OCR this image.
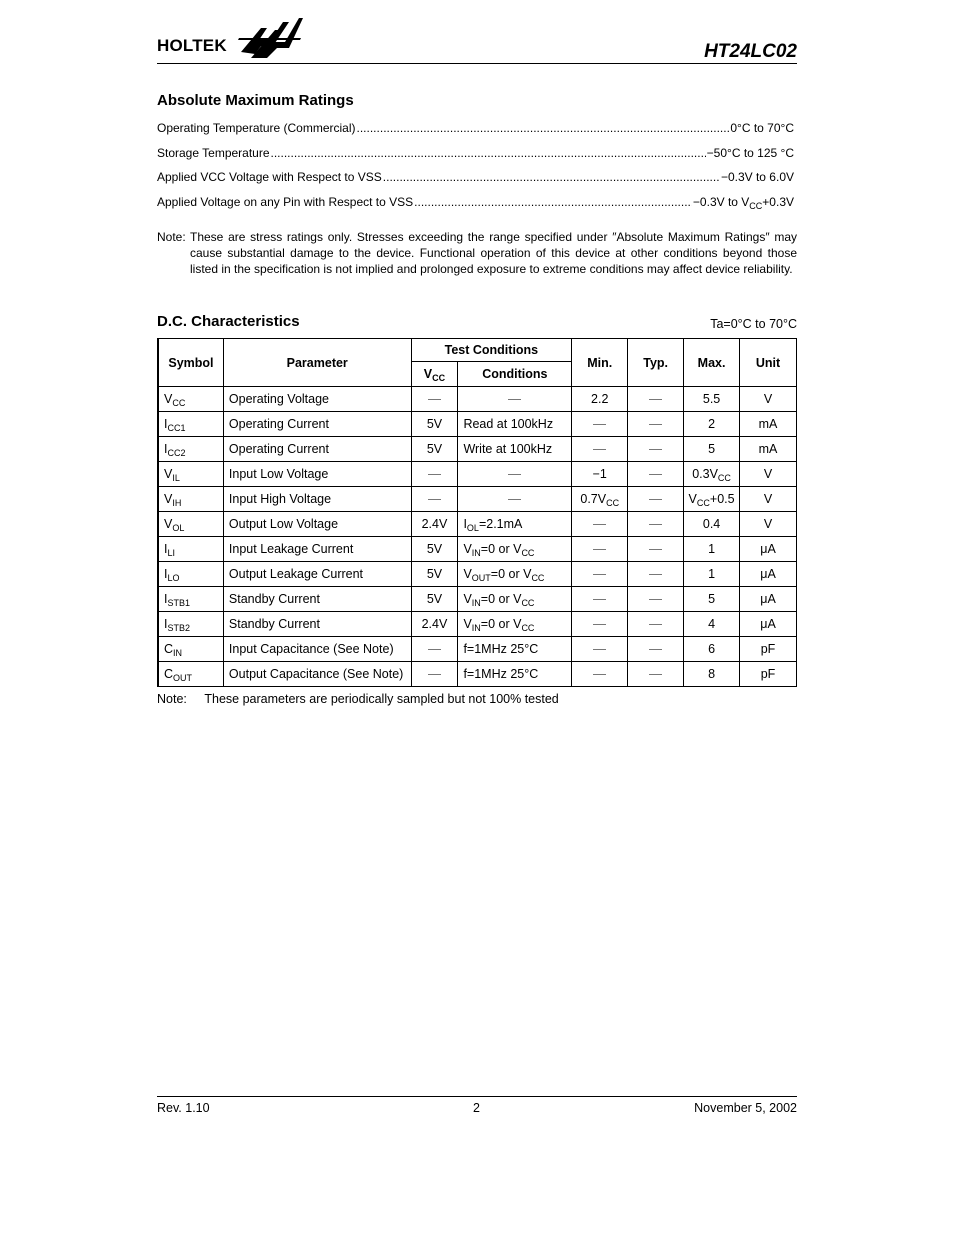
HOLTEK	HT24LC02
Absolute Maximum Ratings
Operating Temperature (Commercial) .....	0°C to 70°C
Storage Temperature .....	−50°C to 125 °C
Applied VCC Voltage with Respect to VSS .....	−0.3V to 6.0V
Applied Voltage on any Pin with Respect to VSS .....	−0.3V to $V_{CC}+0.3V$
Note: These are stress ratings only. Stresses exceeding the range specified under ″Absolute Maximum Ratings″ may cause substantial damage to the device. Functional operation of this device at other conditions beyond those listed in the specification is not implied and prolonged exposure to extreme conditions may affect device reliability.
D.C. Characteristics	Ta=0°C to 70°C
Symbol	Parameter	Test Conditions		Min.	Typ.	Max.	Unit
		$V_{CC}$	Conditions				
$V_{CC}$	Operating Voltage			2.2		5.5	V
$I_{CC1}$	Operating Current	5V	Read at 100kHz			2	mA
$I_{CC2}$	Operating Current	5V	Write at 100kHz			5	mA
$V_{IL}$	Input Low Voltage			−1		$0.3V_{CC}$	V
$V_{IH}$	Input High Voltage			$0.7V_{CC}$		$V_{CC}+0.5$	V
$V_{OL}$	Output Low Voltage	2.4V	$I_{OL}=2.1mA$			0.4	V
$I_{LI}$	Input Leakage Current	5V	$V_{IN}=0$ or $V_{CC}$			1	μA
$I_{LO}$	Output Leakage Current	5V	$V_{OUT}=0$ or $V_{CC}$			1	μA
$I_{STB1}$	Standby Current	5V	$V_{IN}=0$ or $V_{CC}$			5	μA
$I_{STB2}$	Standby Current	2.4V	$V_{IN}=0$ or $V_{CC}$			4	μA
$C_{IN}$	Input Capacitance (See Note)		f=1MHz 25°C			6	pF
$C_{OUT}$	Output Capacitance (See Note)		f=1MHz 25°C			8	pF
Note: These parameters are periodically sampled but not 100% tested
Rev. 1.10	2	November 5, 2002
